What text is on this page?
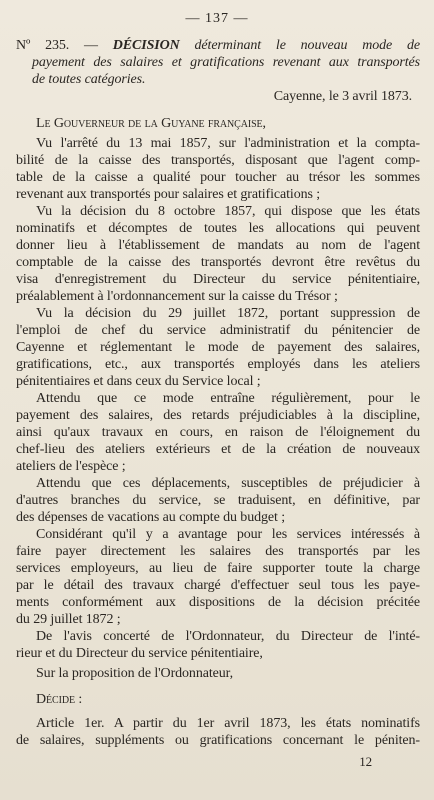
— 137 —
Nº 235. — DÉCISION déterminant le nouveau mode de
payement des salaires et gratifications revenant aux transportés
de toutes catégories.
Cayenne, le 3 avril 1873.
Le Gouverneur de la Guyane française,
Vu l'arrêté du 13 mai 1857, sur l'administration et la compta-
bilité de la caisse des transportés, disposant que l'agent comp-
table de la caisse a qualité pour toucher au trésor les sommes
revenant aux transportés pour salaires et gratifications ;
Vu la décision du 8 octobre 1857, qui dispose que les états
nominatifs et décomptes de toutes les allocations qui peuvent
donner lieu à l'établissement de mandats au nom de l'agent
comptable de la caisse des transportés devront être revêtus du
visa d'enregistrement du Directeur du service pénitentiaire,
préalablement à l'ordonnancement sur la caisse du Trésor ;
Vu la décision du 29 juillet 1872, portant suppression de
l'emploi de chef du service administratif du pénitencier de
Cayenne et réglementant le mode de payement des salaires,
gratifications, etc., aux transportés employés dans les ateliers
pénitentiaires et dans ceux du Service local ;
Attendu que ce mode entraîne régulièrement, pour le
payement des salaires, des retards préjudiciables à la discipline,
ainsi qu'aux travaux en cours, en raison de l'éloignement du
chef-lieu des ateliers extérieurs et de la création de nouveaux
ateliers de l'espèce ;
Attendu que ces déplacements, susceptibles de préjudicier à
d'autres branches du service, se traduisent, en définitive, par
des dépenses de vacations au compte du budget ;
Considérant qu'il y a avantage pour les services intéressés à
faire payer directement les salaires des transportés par les
services employeurs, au lieu de faire supporter toute la charge
par le détail des travaux chargé d'effectuer seul tous les paye-
ments conformément aux dispositions de la décision précitée
du 29 juillet 1872 ;
De l'avis concerté de l'Ordonnateur, du Directeur de l'inté-
rieur et du Directeur du service pénitentiaire,
Sur la proposition de l'Ordonnateur,
Décide :
Article 1er. A partir du 1er avril 1873, les états nominatifs
de salaires, suppléments ou gratifications concernant le péniten-
12
